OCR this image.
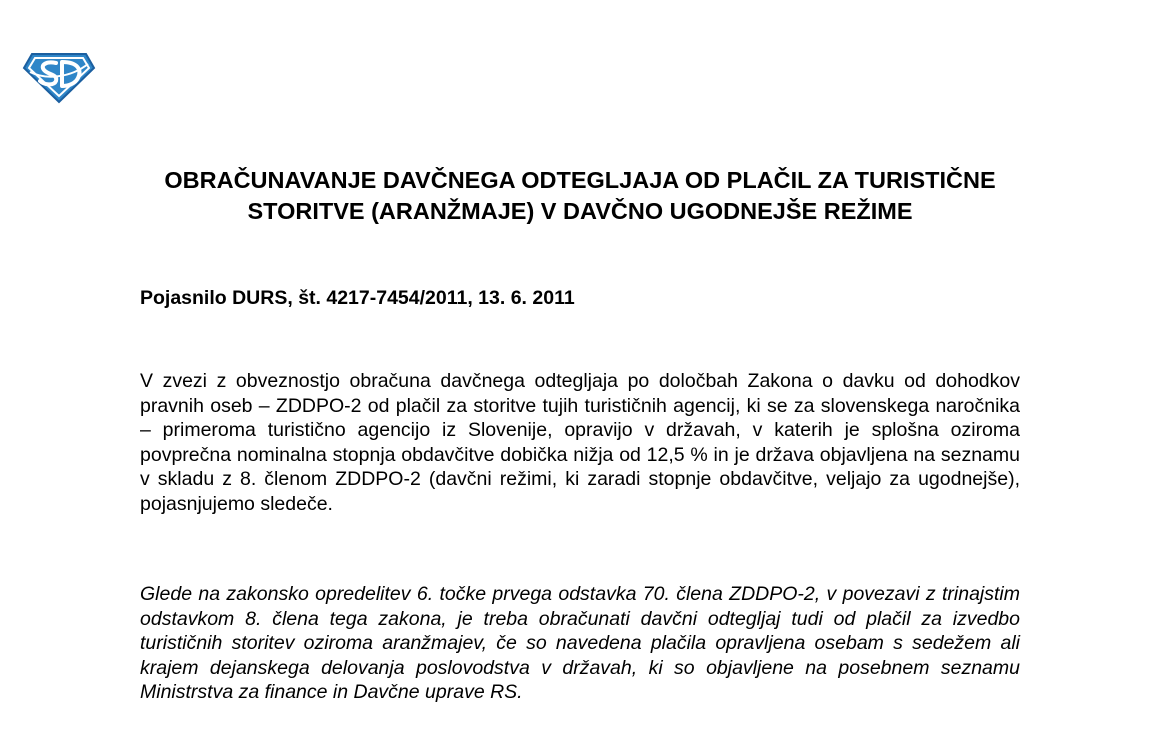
OBRAČUNAVANJE DAVČNEGA ODTEGLJAJA OD PLAČIL ZA TURISTIČNE STORITVE (ARANŽMAJE) V DAVČNO UGODNEJŠE REŽIME

Pojasnilo DURS, št. 4217-7454/2011, 13. 6. 2011

V zvezi z obveznostjo obračuna davčnega odtegljaja po določbah Zakona o davku od dohodkov pravnih oseb – ZDDPO-2 od plačil za storitve tujih turističnih agencij, ki se za slovenskega naročnika – primeroma turistično agencijo iz Slovenije, opravijo v državah, v katerih je splošna oziroma povprečna nominalna stopnja obdavčitve dobička nižja od 12,5 % in je država objavljena na seznamu v skladu z 8. členom ZDDPO-2 (davčni režimi, ki zaradi stopnje obdavčitve, veljajo za ugodnejše), pojasnjujemo sledeče.

Glede na zakonsko opredelitev 6. točke prvega odstavka 70. člena ZDDPO-2, v povezavi z trinajstim odstavkom 8. člena tega zakona, je treba obračunati davčni odtegljaj tudi od plačil za izvedbo turističnih storitev oziroma aranžmajev, če so navedena plačila opravljena osebam s sedežem ali krajem dejanskega delovanja poslovodstva v državah, ki so objavljene na posebnem seznamu Ministrstva za finance in Davčne uprave RS.
